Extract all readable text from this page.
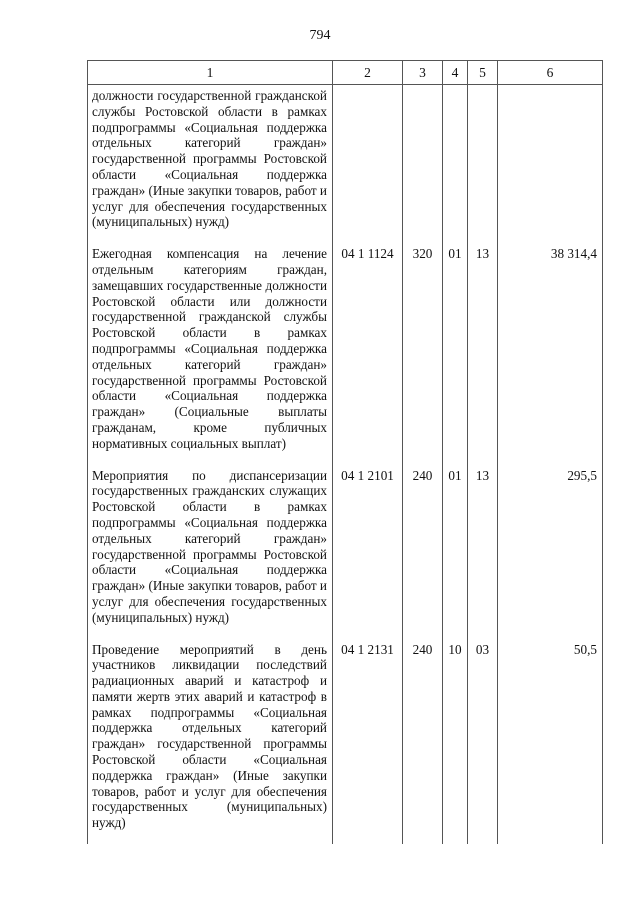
794
1	2	3	4	5	6
должности государственной гражданской службы Ростовской области в рамках подпрограммы «Социальная поддержка отдельных категорий граждан» государственной программы Ростовской области «Социальная поддержка граждан» (Иные закупки товаров, работ и услуг для обеспечения государственных (муниципальных) нужд)					
Ежегодная компенсация на лечение отдельным категориям граждан, замещавших государственные должности Ростовской области или должности государственной гражданской службы Ростовской области в рамках подпрограммы «Социальная поддержка отдельных категорий граждан» государственной программы Ростовской области «Социальная поддержка граждан» (Социальные выплаты гражданам, кроме публичных нормативных социальных выплат)	04 1 1124	320	01	13	38 314,4
Мероприятия по диспансеризации государственных гражданских служащих Ростовской области в рамках подпрограммы «Социальная поддержка отдельных категорий граждан» государственной программы Ростовской области «Социальная поддержка граждан» (Иные закупки товаров, работ и услуг для обеспечения государственных (муниципальных) нужд)	04 1 2101	240	01	13	295,5
Проведение мероприятий в день участников ликвидации последствий радиационных аварий и катастроф и памяти жертв этих аварий и катастроф в рамках подпрограммы «Социальная поддержка отдельных категорий граждан» государственной программы Ростовской области «Социальная поддержка граждан» (Иные закупки товаров, работ и услуг для обеспечения государственных (муниципальных) нужд)	04 1 2131	240	10	03	50,5
